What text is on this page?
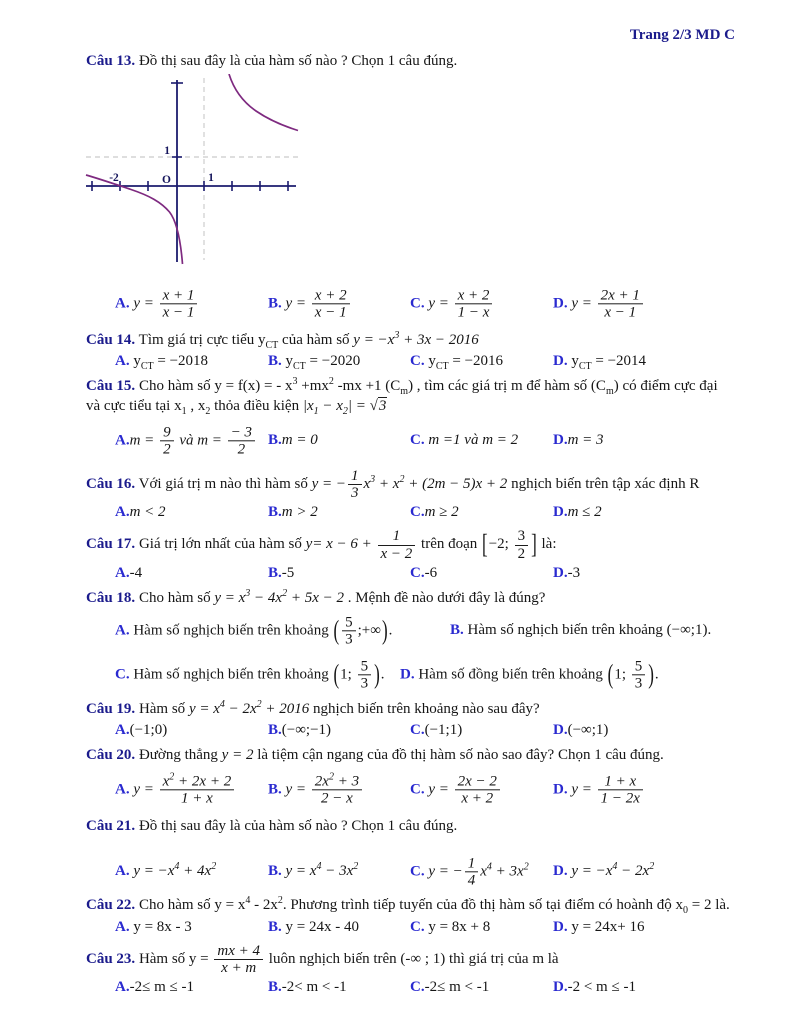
Trang 2/3 MD C
Câu 13. Đồ thị sau đây là của hàm số nào ? Chọn 1 câu đúng.
1
O	1
-2
A. $y = \frac{x + 1}{x - 1}$	B. $y = \frac{x + 2}{x - 1}$	C. $y = \frac{x + 2}{1 - x}$	D. $y = \frac{2x + 1}{x - 1}$
Câu 14. Tìm giá trị cực tiểu $y_{CT}$ của hàm số $y = -x^3 + 3x - 2016$
A. $y_{CT} = -2018$	B. $y_{CT} = -2020$	C. $y_{CT} = -2016$	D. $y_{CT} = -2014$
Câu 15. Cho hàm số y = f(x) = - $x^3 +mx^2$ -mx +1 $(C_m)$ , tìm các giá trị m để hàm số $(C_m)$ có điểm cực đại và cực tiểu tại $x_1$ , $x_2$ thỏa điều kiện $|x_1 - x_2| = √3$
$A.m = \frac{9}{2}$ và $m = \frac{- 3}{2} B.m = 0$	C. m =1 và m = 2 D.m = 3
Câu 16. Với giá trị m nào thì hàm số y = − $\frac{1}{3} x^3 + x^2 + (2m - 5)x + 2$ nghịch biến trên tập xác định R
A.m < 2	B.m > 2	C.m ≥ 2	D.m ≤ 2
Câu 17. Giá trị lớn nhất của hàm số $y= x - 6 + \frac{1}{x - 2}$ trên đoạn [−2; $\frac{3}{2}$ ] là:
A.-4	B.-5	C.-6	D.-3
Câu 18. Cho hàm số $y = x^3 - 4x^2 + 5x - 2$ . Mệnh đề nào dưới đây là đúng?
A. Hàm số nghịch biến trên khoảng ( $\frac{5}{3}$ ;+∞).	B. Hàm số nghịch biến trên khoảng (−∞;1).
C. Hàm số nghịch biến trên khoảng (1; $\frac{5}{3}$ ). D. Hàm số đồng biến trên khoảng (1; $\frac{5}{3}$ ).
Câu 19. Hàm số $y = x^4 - 2x^2 + 2016$ nghịch biến trên khoảng nào sau đây?
A.(−1;0)	B.(−∞;−1)	C.(−1;1)	D.(−∞;1)
Câu 20. Đường thẳng y = 2 là tiệm cận ngang của đồ thị hàm số nào sao đây? Chọn 1 câu đúng.
A. $y = \frac{x^2 + 2x + 2}{1 + x} B$. $y = \frac{2x^2 + 3}{2 - x}$	C. $y = \frac{2x - 2}{x + 2}$	D. $y = \frac{1 + x}{1 - 2x}$
Câu 21. Đồ thị sau đây là của hàm số nào ? Chọn 1 câu đúng.
A. $y = -x^4 + 4x^2$	B. $y = x^4 - 3x^2$	C. y = − $\frac{1}{4} x^4 + 3x^2$ D. $y = -x^4 - 2x^2$
Câu 22. Cho hàm số $y = x^4 - 2x^2$. Phương trình tiếp tuyến của đồ thị hàm số tại điểm có hoành độ $x_0 = 2$ là.
A. y = 8x - 3	B. y = 24x - 40	C. y = 8x + 8	D. y = 24x+ 16
Câu 23. Hàm số $y = \frac{mx + 4}{x + m}$ luôn nghịch biến trên (-∞ ; 1) thì giá trị của m là
A.-2≤ m ≤ -1	B.-2< m < -1	C.-2≤ m < -1	D.-2 < m ≤ -1
